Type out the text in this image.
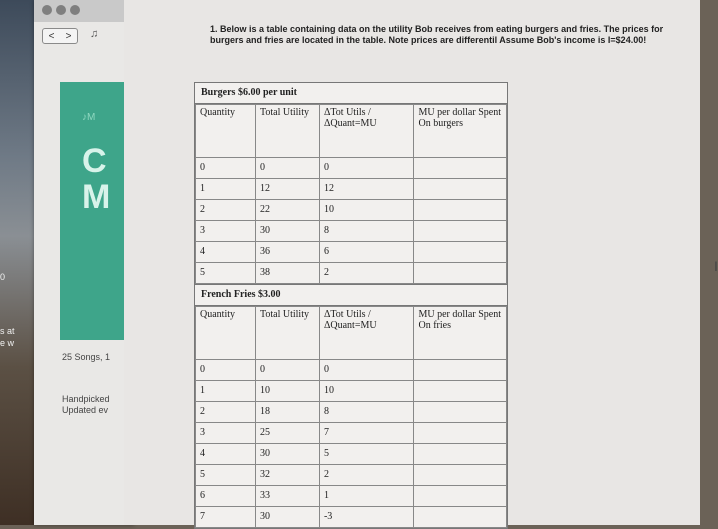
0
s at
e w
< > ♫
♪M
C
M
25 Songs, 1
Handpicked
Updated ev
1. Below is a table containing data on the utility Bob receives from eating burgers and fries. The prices for burgers and fries are located in the table. Note prices are differentil Assume Bob's income is I=$24.00!
Burgers $6.00 per unit
Quantity	Total Utility	ΔTot Utils / ΔQuant=MU	MU per dollar Spent On burgers
0	0	0	
1	12	12	
2	22	10	
3	30	8	
4	36	6	
5	38	2	
French Fries $3.00
Quantity	Total Utility	ΔTot Utils / ΔQuant=MU	MU per dollar Spent On fries
0	0	0	
1	10	10	
2	18	8	
3	25	7	
4	30	5	
5	32	2	
6	33	1	
7	30	-3	
I
